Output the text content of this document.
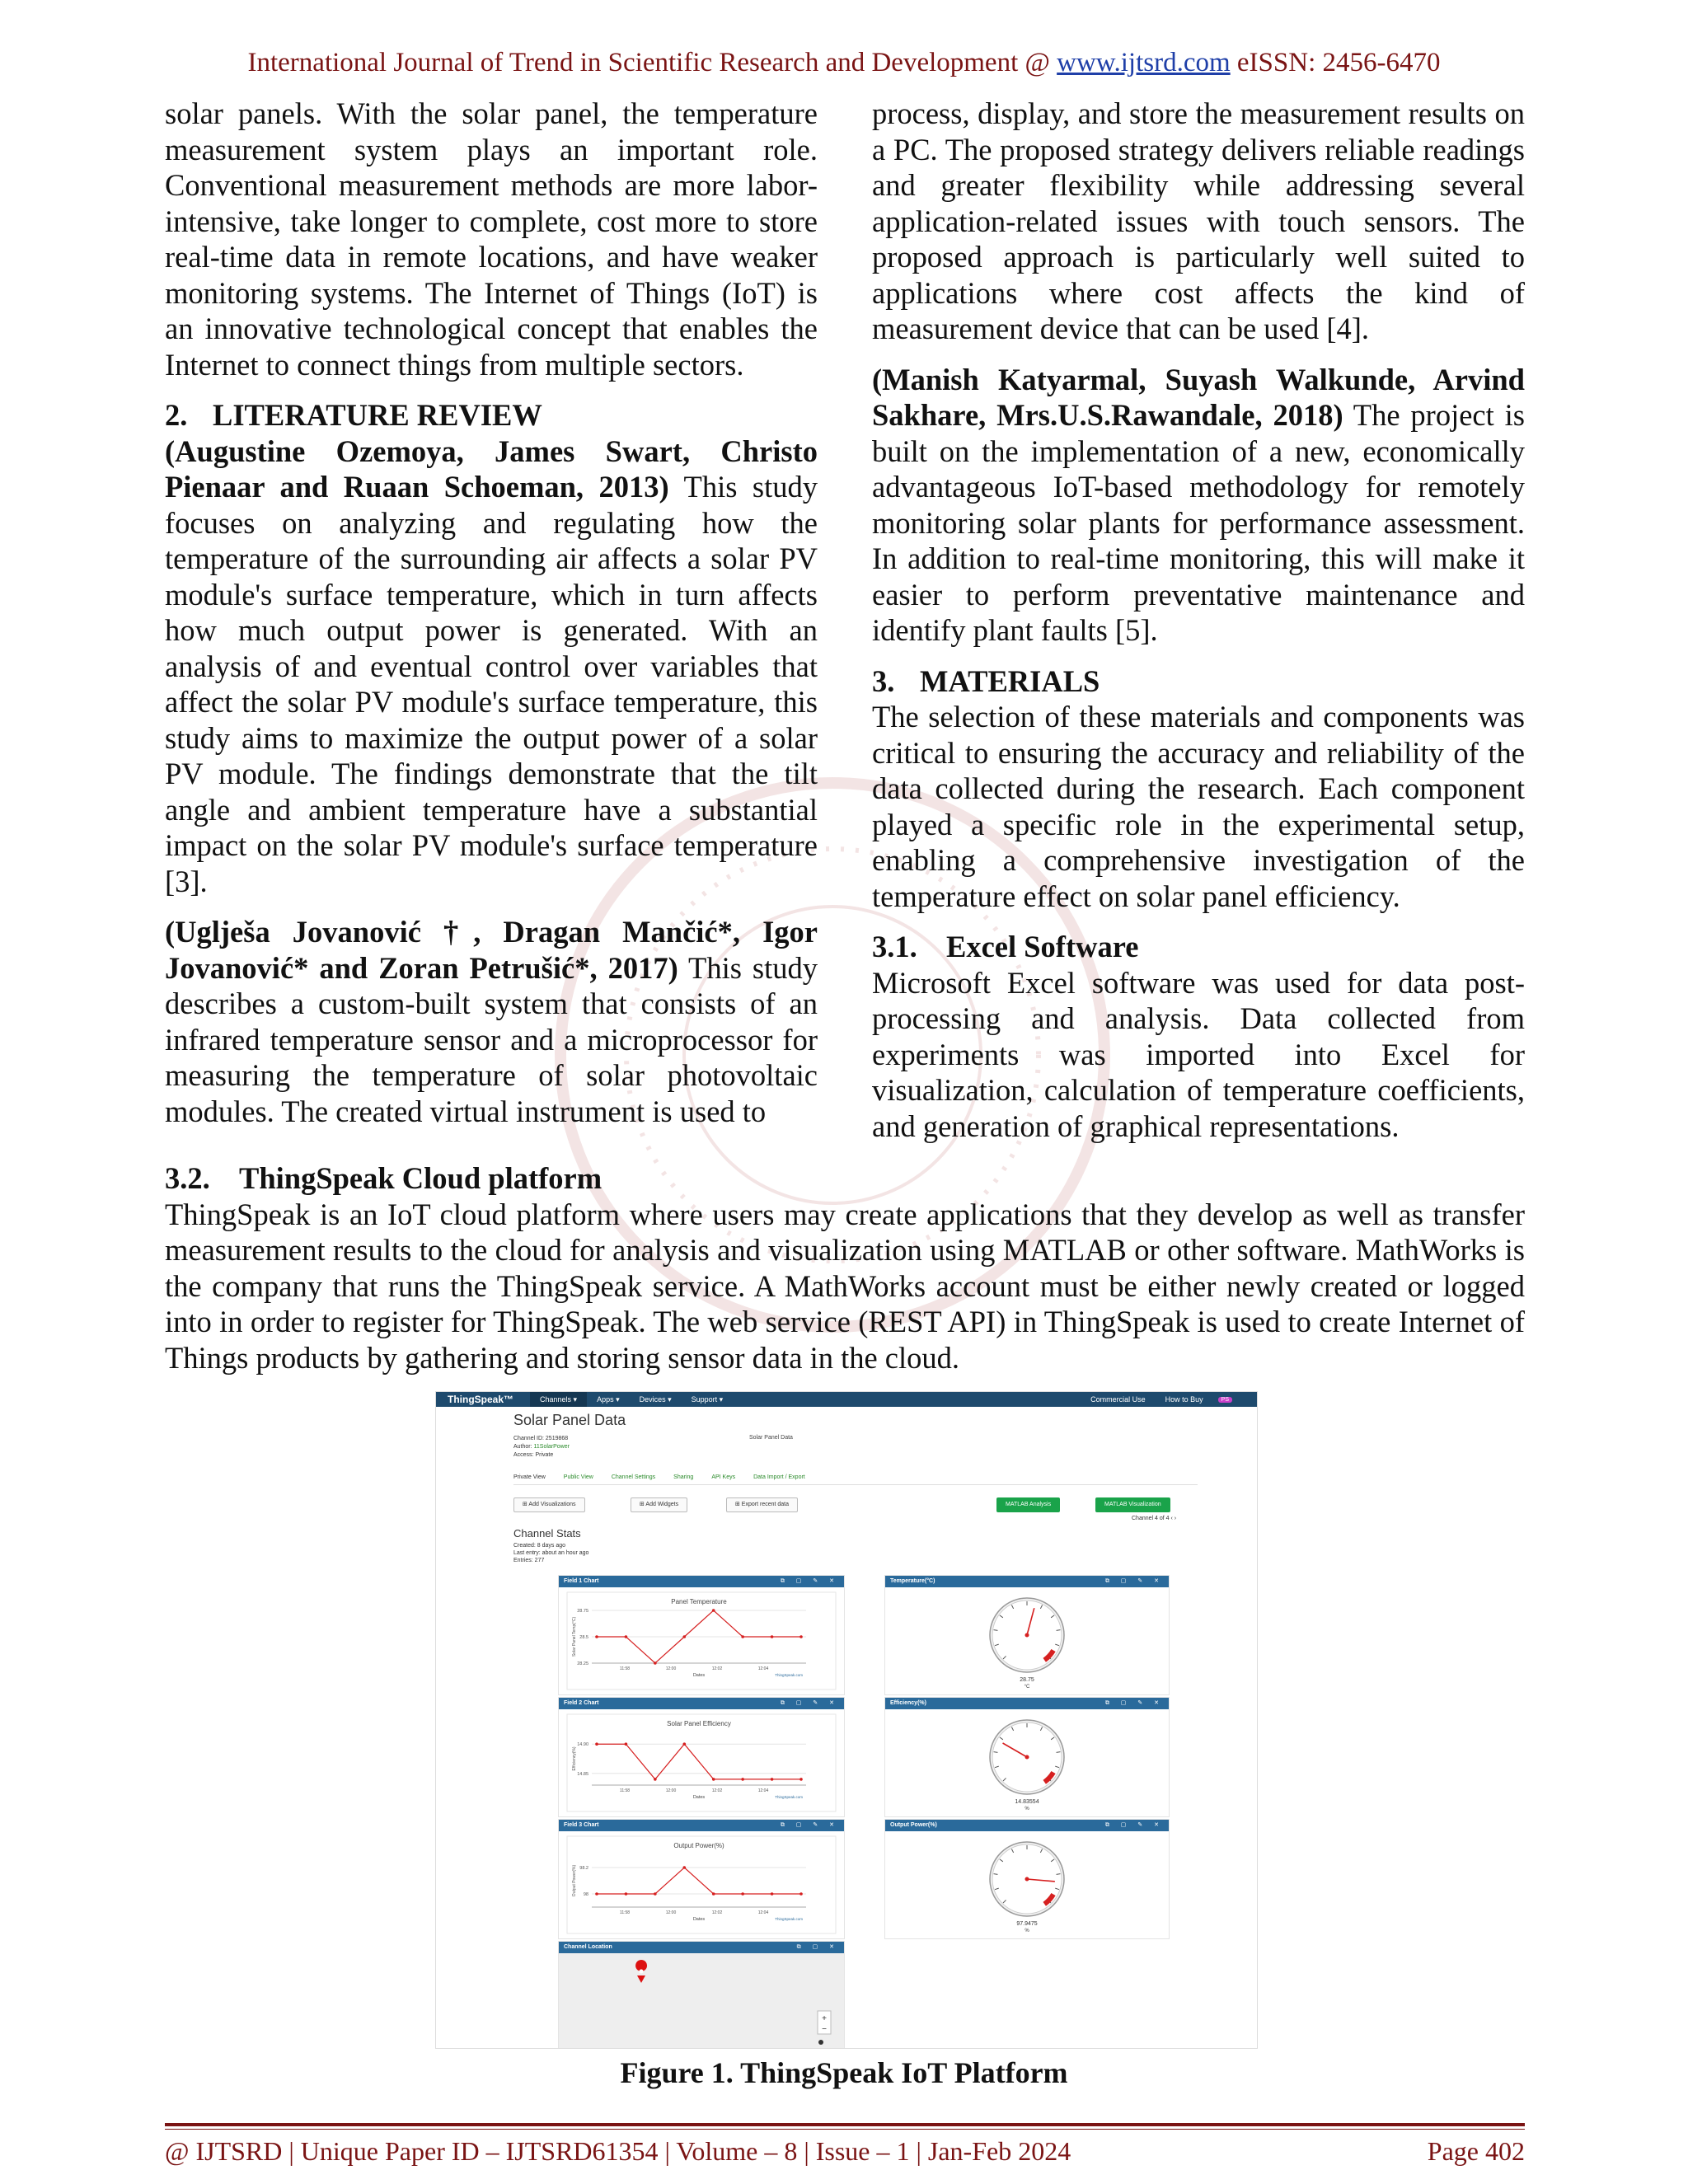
International Journal of Trend in Scientific Research and Development @ www.ijtsrd.com eISSN: 2456-6470

solar panels. With the solar panel, the temperature measurement system plays an important role. Conventional measurement methods are more labor-intensive, take longer to complete, cost more to store real-time data in remote locations, and have weaker monitoring systems. The Internet of Things (IoT) is an innovative technological concept that enables the Internet to connect things from multiple sectors.

2. LITERATURE REVIEW

(Augustine Ozemoya, James Swart, Christo Pienaar and Ruaan Schoeman, 2013) This study focuses on analyzing and regulating how the temperature of the surrounding air affects a solar PV module's surface temperature, which in turn affects how much output power is generated. With an analysis of and eventual control over variables that affect the solar PV module's surface temperature, this study aims to maximize the output power of a solar PV module. The findings demonstrate that the tilt angle and ambient temperature have a substantial impact on the solar PV module's surface temperature [3].

(Uglješa Jovanović †, Dragan Mančić*, Igor Jovanović* and Zoran Petrušić*, 2017) This study describes a custom-built system that consists of an infrared temperature sensor and a microprocessor for measuring the temperature of solar photovoltaic modules. The created virtual instrument is used to

process, display, and store the measurement results on a PC. The proposed strategy delivers reliable readings and greater flexibility while addressing several application-related issues with touch sensors. The proposed approach is particularly well suited to applications where cost affects the kind of measurement device that can be used [4].

(Manish Katyarmal, Suyash Walkunde, Arvind Sakhare, Mrs.U.S.Rawandale, 2018) The project is built on the implementation of a new, economically advantageous IoT-based methodology for remotely monitoring solar plants for performance assessment. In addition to real-time monitoring, this will make it easier to perform preventative maintenance and identify plant faults [5].

3. MATERIALS

The selection of these materials and components was critical to ensuring the accuracy and reliability of the data collected during the research. Each component played a specific role in the experimental setup, enabling a comprehensive investigation of the temperature effect on solar panel efficiency.

3.1. Excel Software

Microsoft Excel software was used for data post-processing and analysis. Data collected from experiments was imported into Excel for visualization, calculation of temperature coefficients, and generation of graphical representations.

3.2. ThingSpeak Cloud platform

ThingSpeak is an IoT cloud platform where users may create applications that they develop as well as transfer measurement results to the cloud for analysis and visualization using MATLAB or other software. MathWorks is the company that runs the ThingSpeak service. A MathWorks account must be either newly created or logged into in order to register for ThingSpeak. The web service (REST API) in ThingSpeak is used to create Internet of Things products by gathering and storing sensor data in the cloud.

ThingSpeak™	Channels ▾	Apps ▾	Devices ▾	Support ▾	Commercial Use	How to Buy	PS
Solar Panel Data
Channel ID: 2519868
Author: 11SolarPower
Access: Private
Solar Panel Data
Private View	Public View	Channel Settings	Sharing	API Keys	Data Import / Export
⊞ Add Visualizations	⊞ Add Widgets	⊞ Export recent data	MATLAB Analysis	MATLAB Visualization
Channel 4 of 4 ‹ ›
Channel Stats
Created: 8 days ago
Last entry: about an hour ago
Entries: 277
Field 1 Chart	⧉ ▢ ✎ ✕
Panel Temperature
28.75
28.5
28.25
Solar Panel Temp(°C)
11:58	12:00	12:02	12:04
Dates	ThingSpeak.com
Field 2 Chart	⧉ ▢ ✎ ✕
Solar Panel Efficiency
14.90
14.85
Efficiency(%)
11:58	12:00	12:02	12:04
Dates	ThingSpeak.com
Field 3 Chart	⧉ ▢ ✎ ✕
Output Power(%)
98.2
98
Output Power(%)
11:58	12:00	12:02	12:04
Dates	ThingSpeak.com
Temperature(°C)	⧉ ▢ ✎ ✕
28.75
°C
Efficiency(%)	⧉ ▢ ✎ ✕
14.83554
%
Output Power(%)	⧉ ▢ ✎ ✕
97.9475
%
Channel Location	⧉ ▢ ✕
+
−
Figure 1. ThingSpeak IoT Platform
@ IJTSRD | Unique Paper ID – IJTSRD61354 | Volume – 8 | Issue – 1 | Jan-Feb 2024	Page 402
